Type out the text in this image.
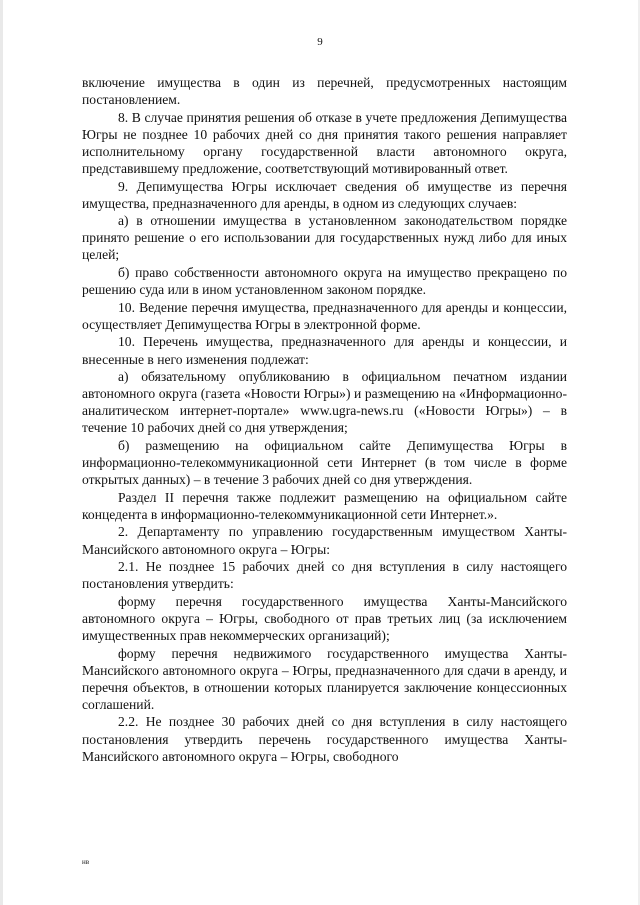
9

включение имущества в один из перечней, предусмотренных настоящим постановлением.

8. В случае принятия решения об отказе в учете предложения Депимущества Югры не позднее 10 рабочих дней со дня принятия такого решения направляет исполнительному органу государственной власти автономного округа, представившему предложение, соответствующий мотивированный ответ.

9. Депимущества Югры исключает сведения об имуществе из перечня имущества, предназначенного для аренды, в одном из следующих случаев:

а) в отношении имущества в установленном законодательством порядке принято решение о его использовании для государственных нужд либо для иных целей;

б) право собственности автономного округа на имущество прекращено по решению суда или в ином установленном законом порядке.

10. Ведение перечня имущества, предназначенного для аренды и концессии, осуществляет Депимущества Югры в электронной форме.

10. Перечень имущества, предназначенного для аренды и концессии, и внесенные в него изменения подлежат:

а) обязательному опубликованию в официальном печатном издании автономного округа (газета «Новости Югры») и размещению на «Информационно-аналитическом интернет-портале» www.ugra-news.ru («Новости Югры») – в течение 10 рабочих дней со дня утверждения;

б) размещению на официальном сайте Депимущества Югры в информационно-телекоммуникационной сети Интернет (в том числе в форме открытых данных) – в течение 3 рабочих дней со дня утверждения.

Раздел II перечня также подлежит размещению на официальном сайте концедента в информационно-телекоммуникационной сети Интернет.».

2. Департаменту по управлению государственным имуществом Ханты-Мансийского автономного округа – Югры:

2.1. Не позднее 15 рабочих дней со дня вступления в силу настоящего постановления утвердить:

форму перечня государственного имущества Ханты-Мансийского автономного округа – Югры, свободного от прав третьих лиц (за исключением имущественных прав некоммерческих организаций);

форму перечня недвижимого государственного имущества Ханты-Мансийского автономного округа – Югры, предназначенного для сдачи в аренду, и перечня объектов, в отношении которых планируется заключение концессионных соглашений.

2.2. Не позднее 30 рабочих дней со дня вступления в силу настоящего постановления утвердить перечень государственного имущества Ханты-Мансийского автономного округа – Югры, свободного

нв
